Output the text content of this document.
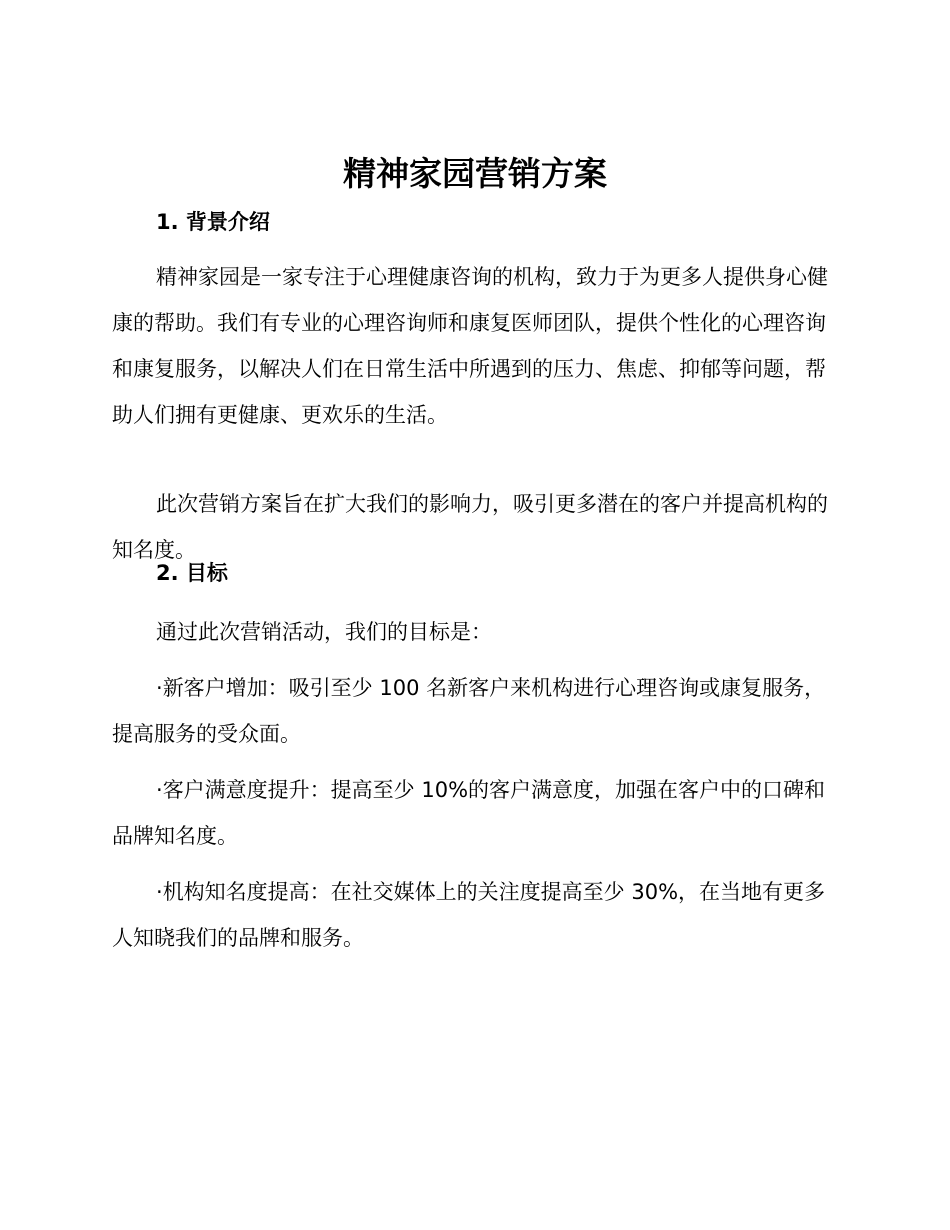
精神家园营销方案
1. 背景介绍

精神家园是一家专注于心理健康咨询的机构，致力于为更多人提供身心健康的帮助。我们有专业的心理咨询师和康复医师团队，提供个性化的心理咨询和康复服务，以解决人们在日常生活中所遇到的压力、焦虑、抑郁等问题，帮助人们拥有更健康、更欢乐的生活。

此次营销方案旨在扩大我们的影响力，吸引更多潜在的客户并提高机构的知名度。

2. 目标

通过此次营销活动，我们的目标是：

·新客户增加：吸引至少 100 名新客户来机构进行心理咨询或康复服务，提高服务的受众面。

·客户满意度提升：提高至少 10%的客户满意度，加强在客户中的口碑和品牌知名度。

·机构知名度提高：在社交媒体上的关注度提高至少 30%，在当地有更多人知晓我们的品牌和服务。
